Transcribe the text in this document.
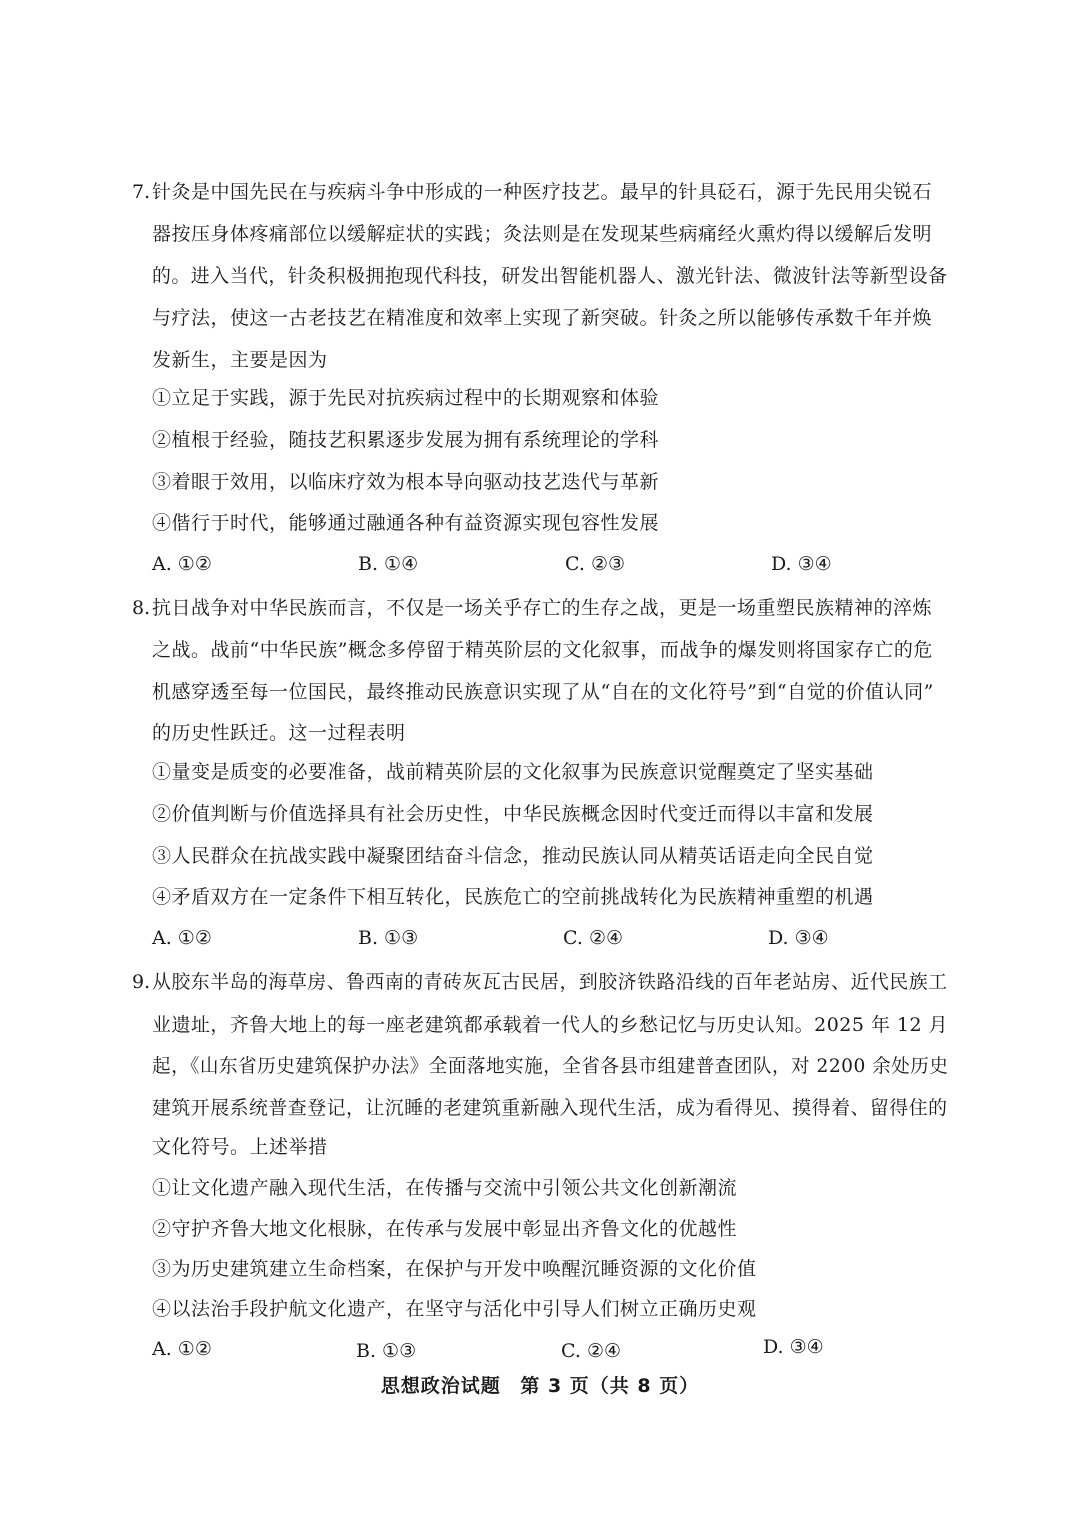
7. 针灸是中国先民在与疾病斗争中形成的一种医疗技艺。最早的针具砭石，源于先民用尖锐石
器按压身体疼痛部位以缓解症状的实践；灸法则是在发现某些病痛经火熏灼得以缓解后发明
的。进入当代，针灸积极拥抱现代科技，研发出智能机器人、激光针法、微波针法等新型设备
与疗法，使这一古老技艺在精准度和效率上实现了新突破。针灸之所以能够传承数千年并焕
发新生，主要是因为
①立足于实践，源于先民对抗疾病过程中的长期观察和体验
②植根于经验，随技艺积累逐步发展为拥有系统理论的学科
③着眼于效用，以临床疗效为根本导向驱动技艺迭代与革新
④偕行于时代，能够通过融通各种有益资源实现包容性发展
A. ①②	B. ①④	C. ②③	D. ③④
8. 抗日战争对中华民族而言，不仅是一场关乎存亡的生存之战，更是一场重塑民族精神的淬炼
之战。战前“中华民族”概念多停留于精英阶层的文化叙事，而战争的爆发则将国家存亡的危
机感穿透至每一位国民，最终推动民族意识实现了从“自在的文化符号”到“自觉的价值认同”
的历史性跃迁。这一过程表明
①量变是质变的必要准备，战前精英阶层的文化叙事为民族意识觉醒奠定了坚实基础
②价值判断与价值选择具有社会历史性，中华民族概念因时代变迁而得以丰富和发展
③人民群众在抗战实践中凝聚团结奋斗信念，推动民族认同从精英话语走向全民自觉
④矛盾双方在一定条件下相互转化，民族危亡的空前挑战转化为民族精神重塑的机遇
A. ①②	B. ①③	C. ②④	D. ③④
9. 从胶东半岛的海草房、鲁西南的青砖灰瓦古民居，到胶济铁路沿线的百年老站房、近代民族工
业遗址，齐鲁大地上的每一座老建筑都承载着一代人的乡愁记忆与历史认知。2025 年 12 月
起，《山东省历史建筑保护办法》全面落地实施，全省各县市组建普查团队，对 2200 余处历史
建筑开展系统普查登记，让沉睡的老建筑重新融入现代生活，成为看得见、摸得着、留得住的
文化符号。上述举措
①让文化遗产融入现代生活，在传播与交流中引领公共文化创新潮流
②守护齐鲁大地文化根脉，在传承与发展中彰显出齐鲁文化的优越性
③为历史建筑建立生命档案，在保护与开发中唤醒沉睡资源的文化价值
④以法治手段护航文化遗产，在坚守与活化中引导人们树立正确历史观
A. ①②	B. ①③	C. ②④	D. ③④
思想政治试题 第 3 页（共 8 页）
